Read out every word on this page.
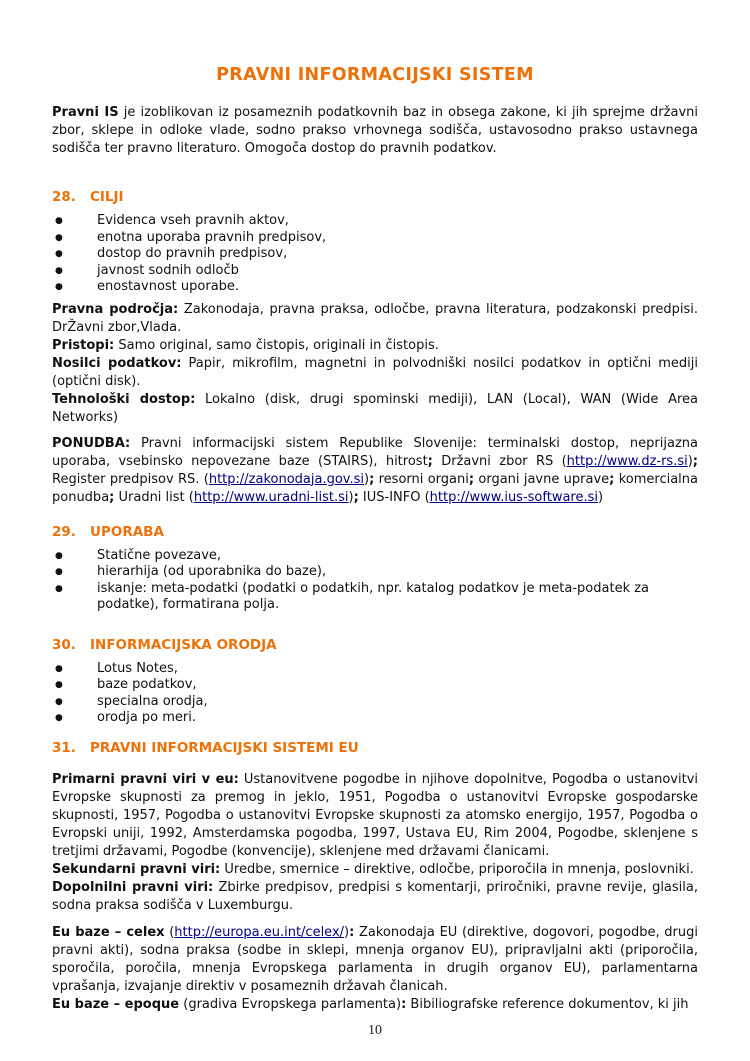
PRAVNI INFORMACIJSKI SISTEM

Pravni IS je izoblikovan iz posameznih podatkovnih baz in obsega zakone, ki jih sprejme državni zbor, sklepe in odloke vlade, sodno prakso vrhovnega sodišča, ustavosodno prakso ustavnega sodišča ter pravno literaturo. Omogoča dostop do pravnih podatkov.

28.	CILJI
●	Evidenca vseh pravnih aktov,
●	enotna uporaba pravnih predpisov,
●	dostop do pravnih predpisov,
●	javnost sodnih odločb
●	enostavnost uporabe.

Pravna področja: Zakonodaja, pravna praksa, odločbe, pravna literatura, podzakonski predpisi. DrŽavni zbor,Vlada.

Pristopi: Samo original, samo čistopis, originali in čistopis.

Nosilci podatkov: Papir, mikrofilm, magnetni in polvodniški nosilci podatkov in optični mediji (optični disk).

Tehnološki dostop: Lokalno (disk, drugi spominski mediji), LAN (Local), WAN (Wide Area Networks)

PONUDBA: Pravni informacijski sistem Republike Slovenije: terminalski dostop, neprijazna uporaba, vsebinsko nepovezane baze (STAIRS), hitrost; Državni zbor RS (http://www.dz-rs.si); Register predpisov RS. (http://zakonodaja.gov.si); resorni organi; organi javne uprave; komercialna ponudba; Uradni list (http://www.uradni-list.si); IUS-INFO (http://www.ius-software.si)

29.	UPORABA
●	Statične povezave,
●	hierarhija (od uporabnika do baze),
●	iskanje: meta-podatki (podatki o podatkih, npr. katalog podatkov je meta-podatek za podatke), formatirana polja.
30.	INFORMACIJSKA ORODJA
●	Lotus Notes,
●	baze podatkov,
●	specialna orodja,
●	orodja po meri.
31.	PRAVNI INFORMACIJSKI SISTEMI EU

Primarni pravni viri v eu: Ustanovitvene pogodbe in njihove dopolnitve, Pogodba o ustanovitvi Evropske skupnosti za premog in jeklo, 1951, Pogodba o ustanovitvi Evropske gospodarske skupnosti, 1957, Pogodba o ustanovitvi Evropske skupnosti za atomsko energijo, 1957, Pogodba o Evropski uniji, 1992, Amsterdamska pogodba, 1997, Ustava EU, Rim 2004, Pogodbe, sklenjene s tretjimi državami, Pogodbe (konvencije), sklenjene med državami članicami.

Sekundarni pravni viri: Uredbe, smernice – direktive, odločbe, priporočila in mnenja, poslovniki.

Dopolnilni pravni viri: Zbirke predpisov, predpisi s komentarji, priročniki, pravne revije, glasila, sodna praksa sodišča v Luxemburgu.

Eu baze – celex (http://europa.eu.int/celex/): Zakonodaja EU (direktive, dogovori, pogodbe, drugi pravni akti), sodna praksa (sodbe in sklepi, mnenja organov EU), pripravljalni akti (priporočila, sporočila, poročila, mnenja Evropskega parlamenta in drugih organov EU), parlamentarna vprašanja, izvajanje direktiv v posameznih državah članicah.

Eu baze – epoque (gradiva Evropskega parlamenta): Bibiliografske reference dokumentov, ki jih

10
